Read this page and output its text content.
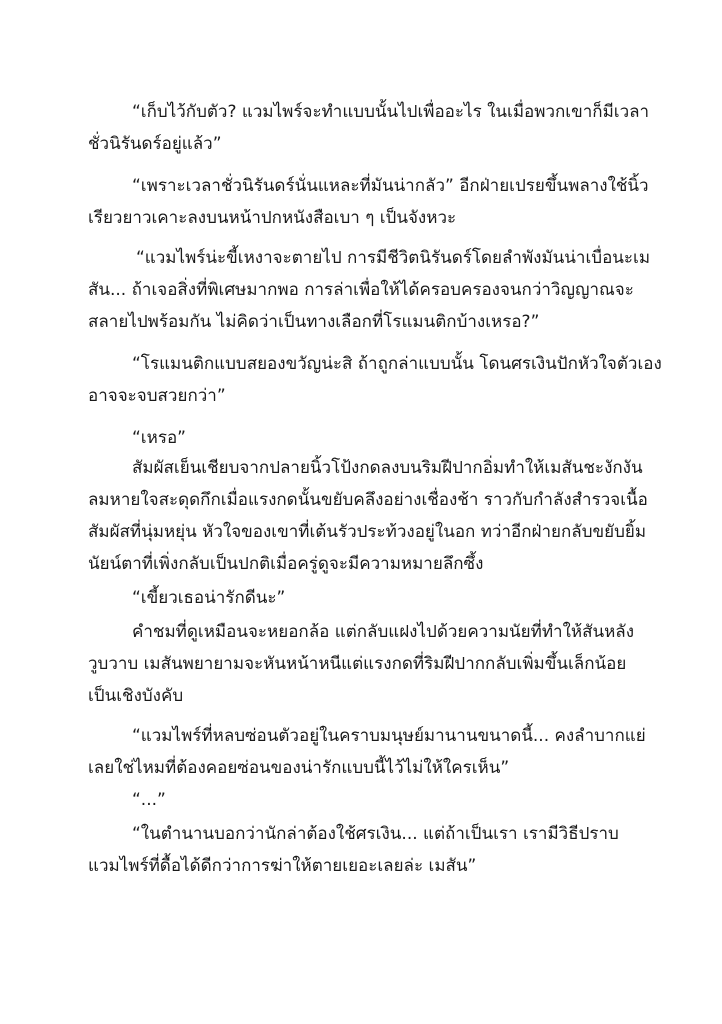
“เก็บไว้กับตัว? แวมไพร์จะทำแบบนั้นไปเพื่ออะไร ในเมื่อพวกเขาก็มีเวลา
ชั่วนิรันดร์อยู่แล้ว”
“เพราะเวลาชั่วนิรันดร์นั่นแหละที่มันน่ากลัว” อีกฝ่ายเปรยขึ้นพลางใช้นิ้ว
เรียวยาวเคาะลงบนหน้าปกหนังสือเบา ๆ เป็นจังหวะ
“แวมไพร์น่ะขี้เหงาจะตายไป การมีชีวิตนิรันดร์โดยลำพังมันน่าเบื่อนะเม
สัน... ถ้าเจอสิ่งที่พิเศษมากพอ การล่าเพื่อให้ได้ครอบครองจนกว่าวิญญาณจะ
สลายไปพร้อมกัน ไม่คิดว่าเป็นทางเลือกที่โรแมนติกบ้างเหรอ?”
“โรแมนติกแบบสยองขวัญน่ะสิ ถ้าถูกล่าแบบนั้น โดนศรเงินปักหัวใจตัวเอง
อาจจะจบสวยกว่า”
“เหรอ”
สัมผัสเย็นเชียบจากปลายนิ้วโป้งกดลงบนริมฝีปากอิ่มทำให้เมสันชะงักงัน
ลมหายใจสะดุดกึกเมื่อแรงกดนั้นขยับคลึงอย่างเชื่องช้า ราวกับกำลังสำรวจเนื้อ
สัมผัสที่นุ่มหยุ่น หัวใจของเขาที่เต้นรัวประท้วงอยู่ในอก ทว่าอีกฝ่ายกลับขยับยิ้ม
นัยน์ตาที่เพิ่งกลับเป็นปกติเมื่อครู่ดูจะมีความหมายลึกซึ้ง
“เขี้ยวเธอน่ารักดีนะ”
คำชมที่ดูเหมือนจะหยอกล้อ แต่กลับแฝงไปด้วยความนัยที่ทำให้สันหลัง
วูบวาบ เมสันพยายามจะหันหน้าหนีแต่แรงกดที่ริมฝีปากกลับเพิ่มขึ้นเล็กน้อย
เป็นเชิงบังคับ
“แวมไพร์ที่หลบซ่อนตัวอยู่ในคราบมนุษย์มานานขนาดนี้... คงลำบากแย่
เลยใช่ไหมที่ต้องคอยซ่อนของน่ารักแบบนี้ไว้ไม่ให้ใครเห็น”
“...”
“ในตำนานบอกว่านักล่าต้องใช้ศรเงิน... แต่ถ้าเป็นเรา เรามีวิธีปราบ
แวมไพร์ที่ดื้อได้ดีกว่าการฆ่าให้ตายเยอะเลยล่ะ เมสัน”
